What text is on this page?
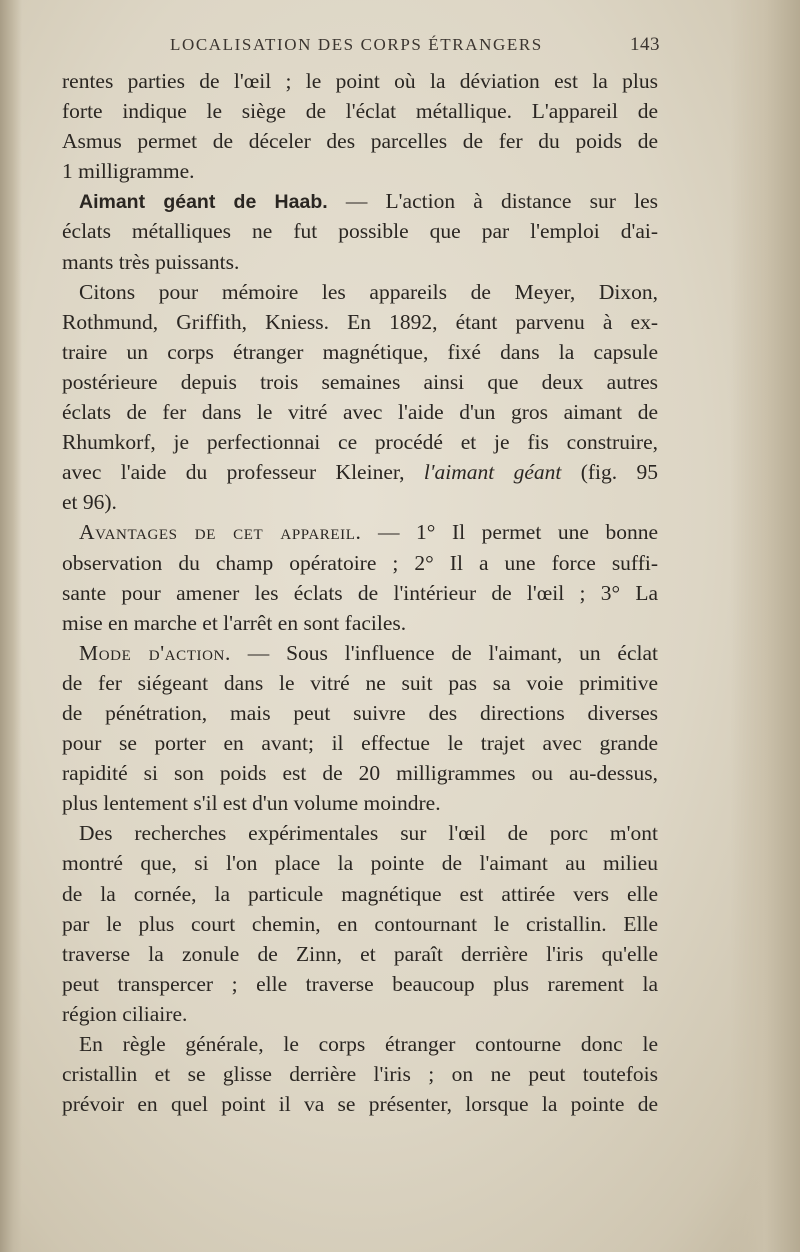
LOCALISATION DES CORPS ÉTRANGERS	143
rentes parties de l'œil ; le point où la déviation est la plus
forte indique le siège de l'éclat métallique. L'appareil de
Asmus permet de déceler des parcelles de fer du poids de
1 milligramme.
Aimant géant de Haab. — L'action à distance sur les
éclats métalliques ne fut possible que par l'emploi d'ai-
mants très puissants.
Citons pour mémoire les appareils de Meyer, Dixon,
Rothmund, Griffith, Kniess. En 1892, étant parvenu à ex-
traire un corps étranger magnétique, fixé dans la capsule
postérieure depuis trois semaines ainsi que deux autres
éclats de fer dans le vitré avec l'aide d'un gros aimant de
Rhumkorf, je perfectionnai ce procédé et je fis construire,
avec l'aide du professeur Kleiner, l'aimant géant (fig. 95
et 96).
Avantages de cet appareil. — 1° Il permet une bonne
observation du champ opératoire ; 2° Il a une force suffi-
sante pour amener les éclats de l'intérieur de l'œil ; 3° La
mise en marche et l'arrêt en sont faciles.
Mode d'action. — Sous l'influence de l'aimant, un éclat
de fer siégeant dans le vitré ne suit pas sa voie primitive
de pénétration, mais peut suivre des directions diverses
pour se porter en avant; il effectue le trajet avec grande
rapidité si son poids est de 20 milligrammes ou au-dessus,
plus lentement s'il est d'un volume moindre.
Des recherches expérimentales sur l'œil de porc m'ont
montré que, si l'on place la pointe de l'aimant au milieu
de la cornée, la particule magnétique est attirée vers elle
par le plus court chemin, en contournant le cristallin. Elle
traverse la zonule de Zinn, et paraît derrière l'iris qu'elle
peut transpercer ; elle traverse beaucoup plus rarement la
région ciliaire.
En règle générale, le corps étranger contourne donc le
cristallin et se glisse derrière l'iris ; on ne peut toutefois
prévoir en quel point il va se présenter, lorsque la pointe de
